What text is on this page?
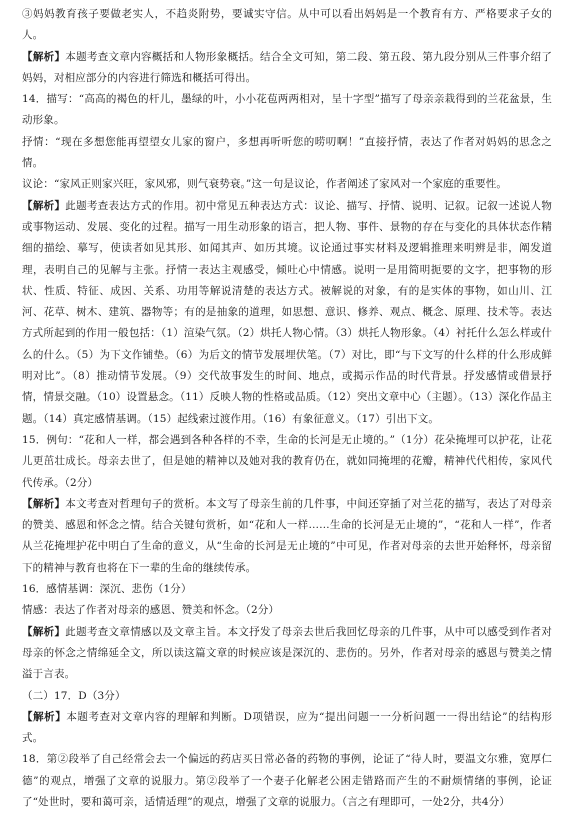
③妈妈教育孩子要做老实人，不趋炎附势，要诚实守信。从中可以看出妈妈是一个教育有方、严格要求子女的人。

【解析】本题考查文章内容概括和人物形象概括。结合全文可知，第二段、第五段、第九段分别从三件事介绍了妈妈，对相应部分的内容进行筛选和概括可得出。

14．描写：“高高的褐色的杆儿，墨绿的叶，小小花苞两两相对，呈十字型”描写了母亲亲栽得到的兰花盆景，生动形象。

抒情：“现在多想您能再望望女儿家的窗户，多想再听听您的唠叨啊！”直接抒情，表达了作者对妈妈的思念之情。

议论：“家风正则家兴旺，家风邪，则气衰势衰。”这一句是议论，作者阐述了家风对一个家庭的重要性。

【解析】此题考查表达方式的作用。初中常见五种表达方式：议论、描写、抒情、说明、记叙。记叙一述说人物或事物运动、发展、变化的过程。描写一用生动形象的语言，把人物、事件、景物的存在与变化的具体状态作精细的描绘、摹写，使读者如见其形、如闻其声、如历其境。议论通过事实材料及逻辑推理来明辨是非，阐发道理，表明自己的见解与主张。抒情一表达主观感受，倾吐心中情感。说明一是用简明扼要的文字，把事物的形状、性质、特征、成因、关系、功用等解说清楚的表达方式。被解说的对象，有的是实体的事物，如山川、江河、花草、树木、建筑、器物等；有的是抽象的道理，如思想、意识、修养、观点、概念、原理、技术等。表达方式所起到的作用一般包括：（1）渲染气氛。（2）烘托人物心情。（3）烘托人物形象。（4）衬托什么怎么样或什么的什么。（5）为下文作铺垫。（6）为后文的情节发展埋伏笔。（7）对比，即“与下文写的什么样的什么形成鲜明对比”。（8）推动情节发展。（9）交代故事发生的时间、地点，或揭示作品的时代背景。抒发感情或借景抒情，情景交融。（10）设置悬念。（11）反映人物的性格或品质。（12）突出文章中心（主题）。（13）深化作品主题。（14）真定感情基调。（15）起线索过渡作用。（16）有象征意义。（17）引出下文。

15．例句：“花和人一样，都会遇到各种各样的不幸，生命的长河是无止境的。”（1分）花朵掩埋可以护花，让花儿更茁壮成长。母亲去世了，但是她的精神以及她对我的教育仍在，就如同掩埋的花瓣，精神代代相传，家风代代传承。（2分）

【解析】本文考查对哲理句子的赏析。本文写了母亲生前的几件事，中间还穿插了对兰花的描写，表达了对母亲的赞美、感恩和怀念之情。结合关键句赏析，如“花和人一样……生命的长河是无止境的”，“花和人一样”，作者从兰花掩埋护花中明白了生命的意义，从“生命的长河是无止境的”中可见，作者对母亲的去世开始释怀，母亲留下的精神与教育也将在下一辈的生命的继续传承。

16．感情基调：深沉、悲伤（1分）

情感：表达了作者对母亲的感恩、赞美和怀念。（2分）

【解析】此题考查文章情感以及文章主旨。本文抒发了母亲去世后我回忆母亲的几件事，从中可以感受到作者对母亲的怀念之情绵延全文，所以读这篇文章的时候应该是深沉的、悲伤的。另外，作者对母亲的感恩与赞美之情溢于言表。

（二）17．D（3分）

【解析】本题考查对文章内容的理解和判断。D项错误，应为“提出问题一一分析问题一一得出结论”的结构形式。

18．第②段举了自己经常会去一个偏远的药店买日常必备的药物的事例，论证了“待人时，要温文尔雅，宽厚仁德”的观点，增强了文章的说服力。第②段举了一个妻子化解老公困走错路而产生的不耐烦情绪的事例，论证了“处世时，要和蔼可亲，适情适理”的观点，增强了文章的说服力。（言之有理即可，一处2分，共4分）
